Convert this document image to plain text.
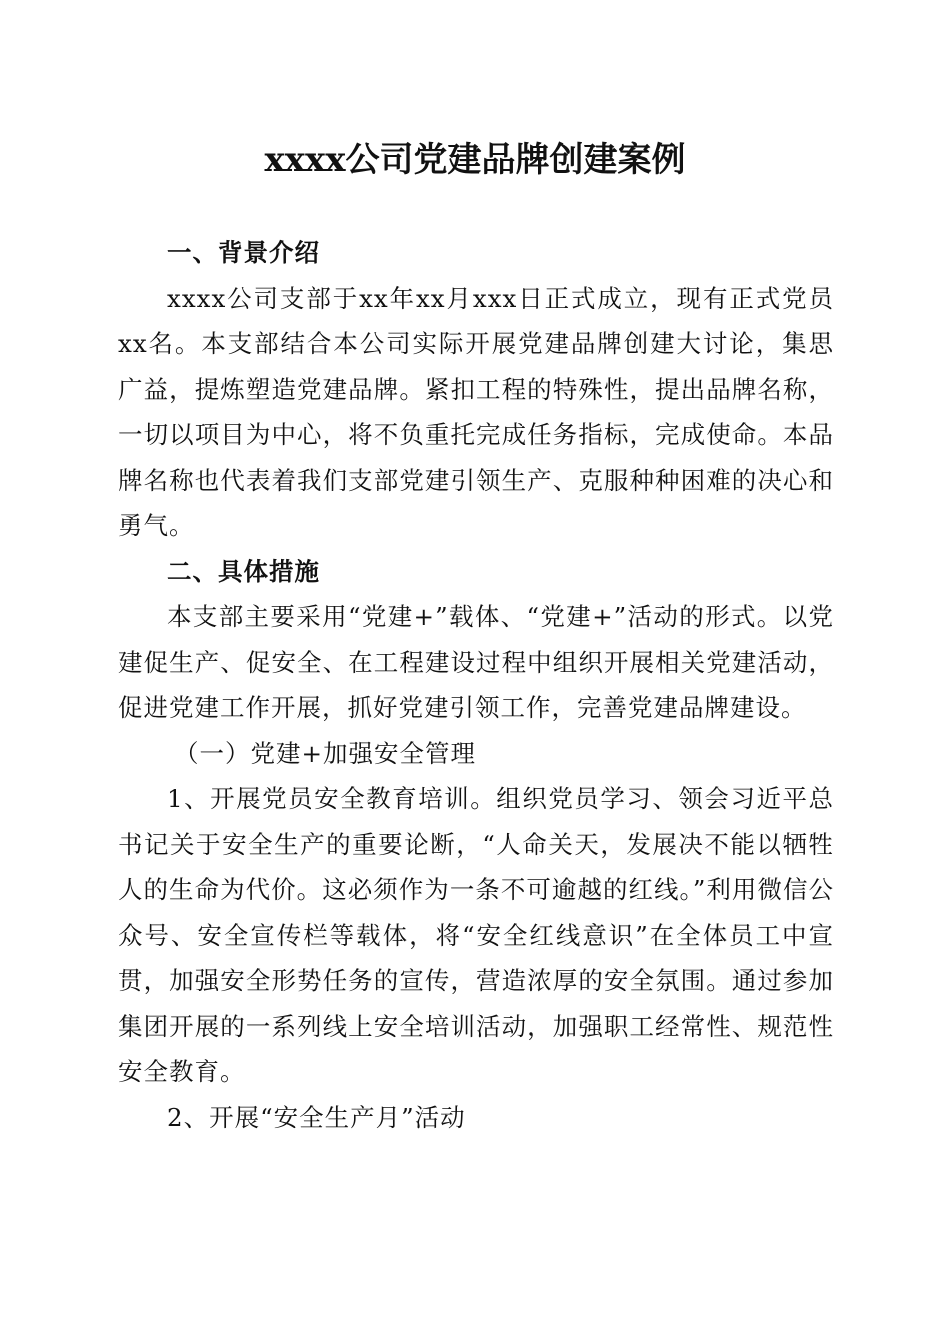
xxxx公司党建品牌创建案例
一、背景介绍

xxxx公司支部于xx年xx月xxx日正式成立，现有正式党员xx名。本支部结合本公司实际开展党建品牌创建大讨论，集思广益，提炼塑造党建品牌。紧扣工程的特殊性，提出品牌名称，一切以项目为中心，将不负重托完成任务指标，完成使命。本品牌名称也代表着我们支部党建引领生产、克服种种困难的决心和勇气。

二、具体措施

本支部主要采用“党建+”载体、“党建+”活动的形式。以党建促生产、促安全、在工程建设过程中组织开展相关党建活动，促进党建工作开展，抓好党建引领工作，完善党建品牌建设。

（一）党建+加强安全管理

1、开展党员安全教育培训。组织党员学习、领会习近平总书记关于安全生产的重要论断，“人命关天，发展决不能以牺牲人的生命为代价。这必须作为一条不可逾越的红线。”利用微信公众号、安全宣传栏等载体，将“安全红线意识”在全体员工中宣贯，加强安全形势任务的宣传，营造浓厚的安全氛围。通过参加集团开展的一系列线上安全培训活动，加强职工经常性、规范性安全教育。

2、开展“安全生产月”活动
